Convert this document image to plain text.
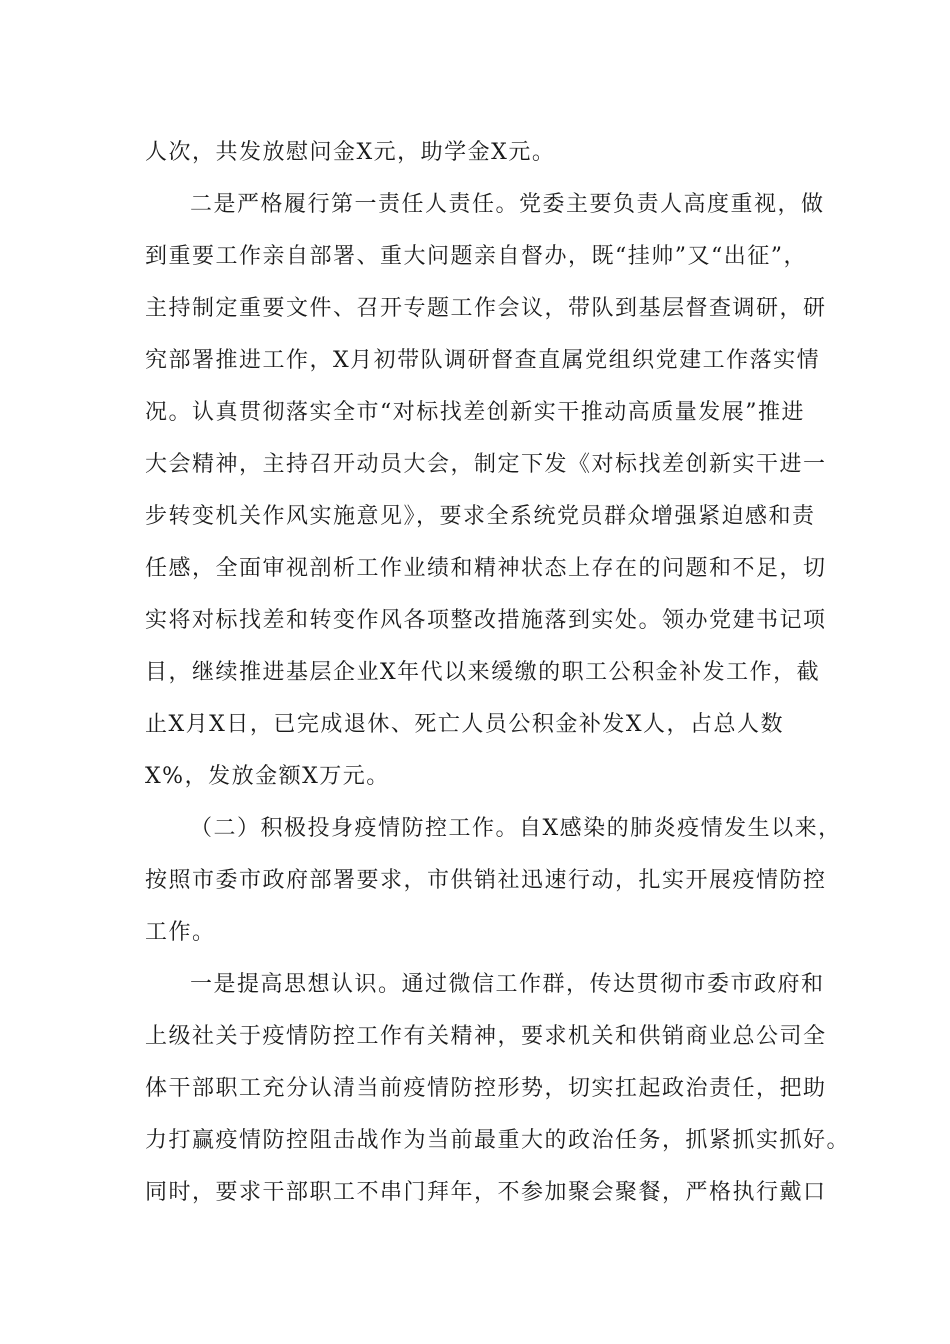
人次，共发放慰问金X元，助学金X元。
二是严格履行第一责任人责任。党委主要负责人高度重视，做
到重要工作亲自部署、重大问题亲自督办，既“挂帅”又“出征”，
主持制定重要文件、召开专题工作会议，带队到基层督查调研，研
究部署推进工作，X月初带队调研督查直属党组织党建工作落实情
况。认真贯彻落实全市“对标找差创新实干推动高质量发展”推进
大会精神，主持召开动员大会，制定下发《对标找差创新实干进一
步转变机关作风实施意见》，要求全系统党员群众增强紧迫感和责
任感，全面审视剖析工作业绩和精神状态上存在的问题和不足，切
实将对标找差和转变作风各项整改措施落到实处。领办党建书记项
目，继续推进基层企业X年代以来缓缴的职工公积金补发工作，截
止X月X日，已完成退休、死亡人员公积金补发X人，占总人数
X%，发放金额X万元。
（二）积极投身疫情防控工作。自X感染的肺炎疫情发生以来，
按照市委市政府部署要求，市供销社迅速行动，扎实开展疫情防控
工作。
一是提高思想认识。通过微信工作群，传达贯彻市委市政府和
上级社关于疫情防控工作有关精神，要求机关和供销商业总公司全
体干部职工充分认清当前疫情防控形势，切实扛起政治责任，把助
力打赢疫情防控阻击战作为当前最重大的政治任务，抓紧抓实抓好。
同时，要求干部职工不串门拜年，不参加聚会聚餐，严格执行戴口
